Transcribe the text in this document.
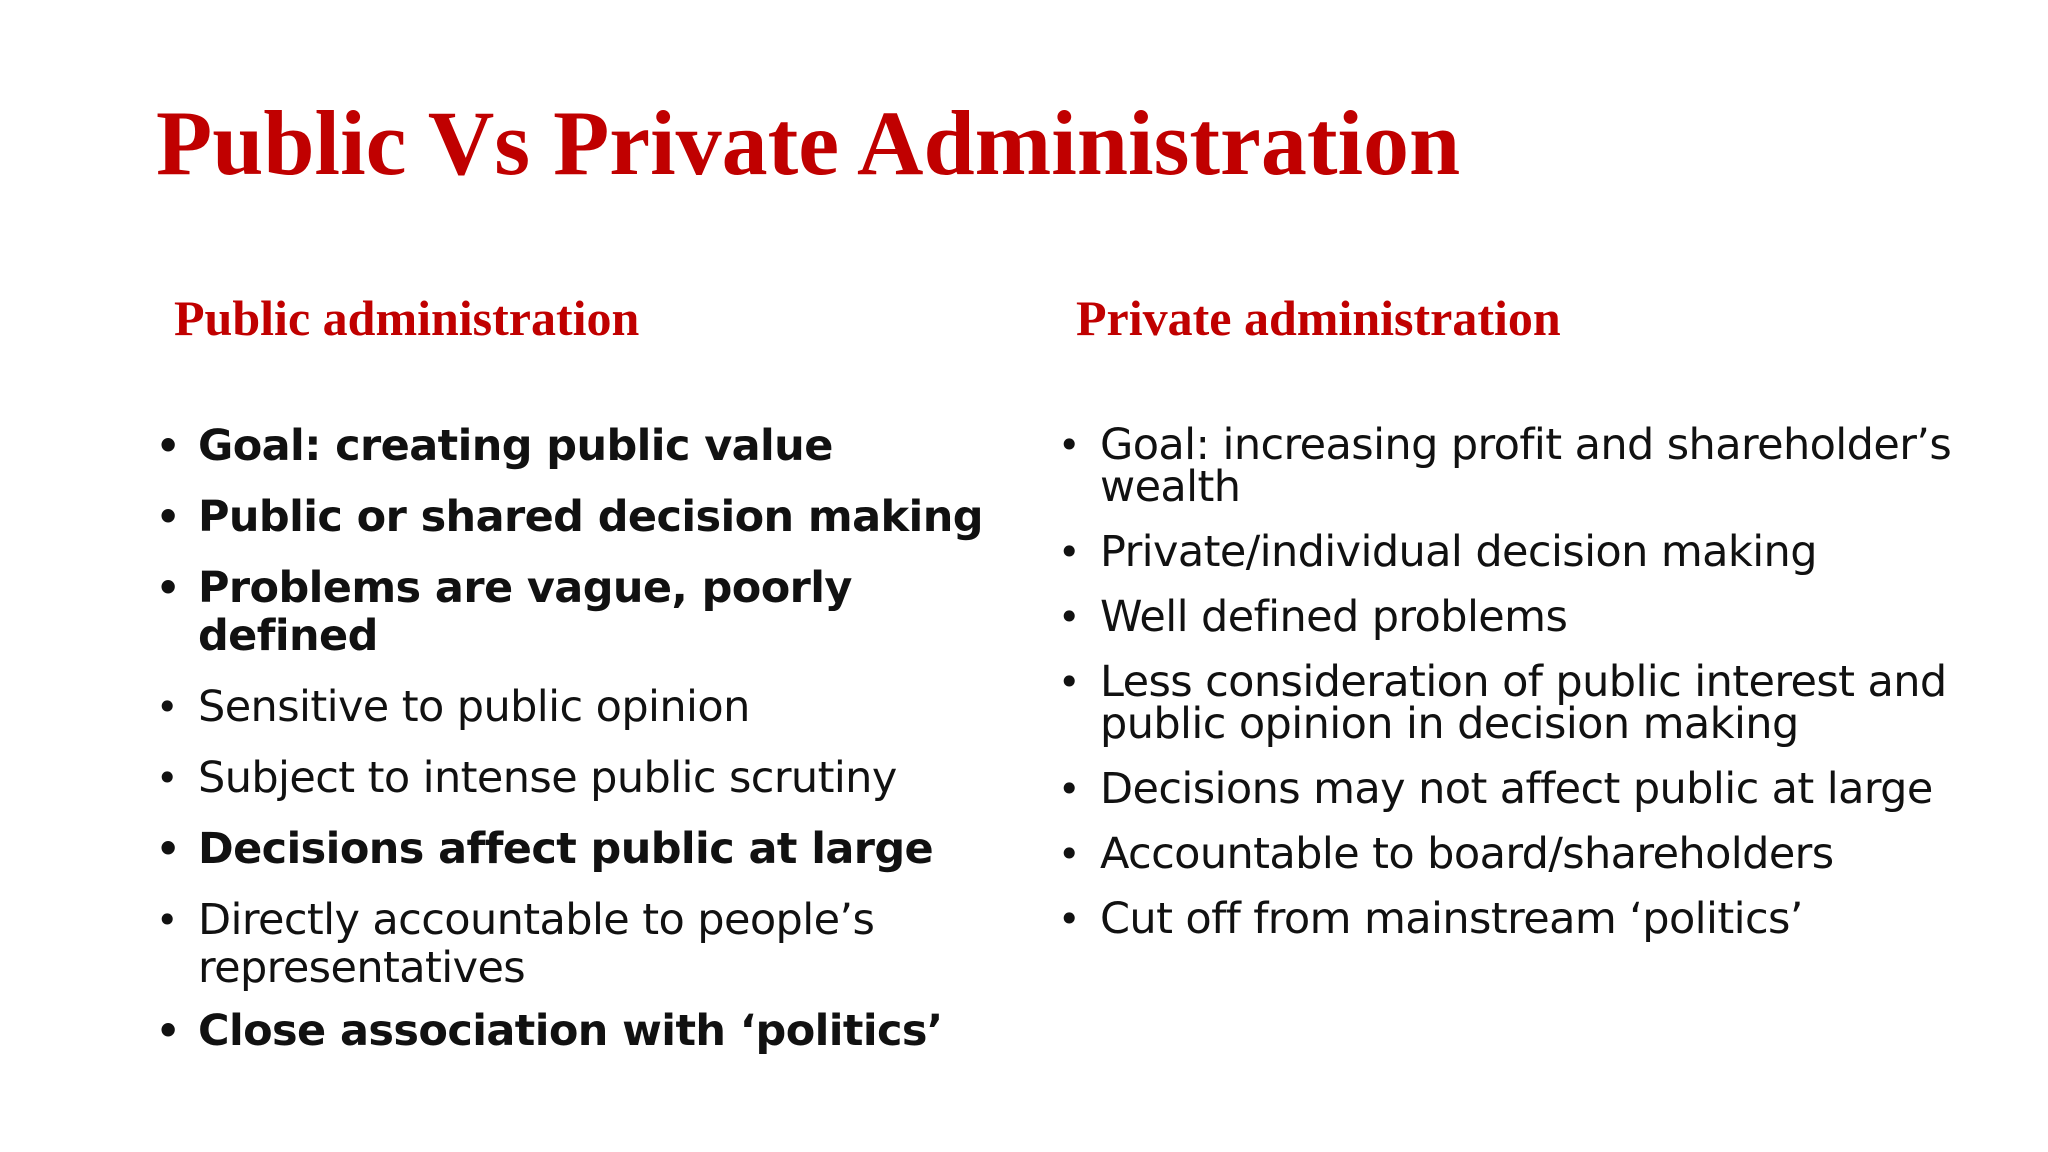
Public Vs Private Administration
Public administration	Private administration
• Goal: creating public value
• Public or shared decision making
• Problems are vague, poorly defined
• Sensitive to public opinion
• Subject to intense public scrutiny
• Decisions affect public at large
• Directly accountable to people’s representatives
• Close association with ‘politics’
• Goal: increasing profit and shareholder’s wealth
• Private/individual decision making
• Well defined problems
• Less consideration of public interest and public opinion in decision making
• Decisions may not affect public at large
• Accountable to board/shareholders
• Cut off from mainstream ‘politics’
